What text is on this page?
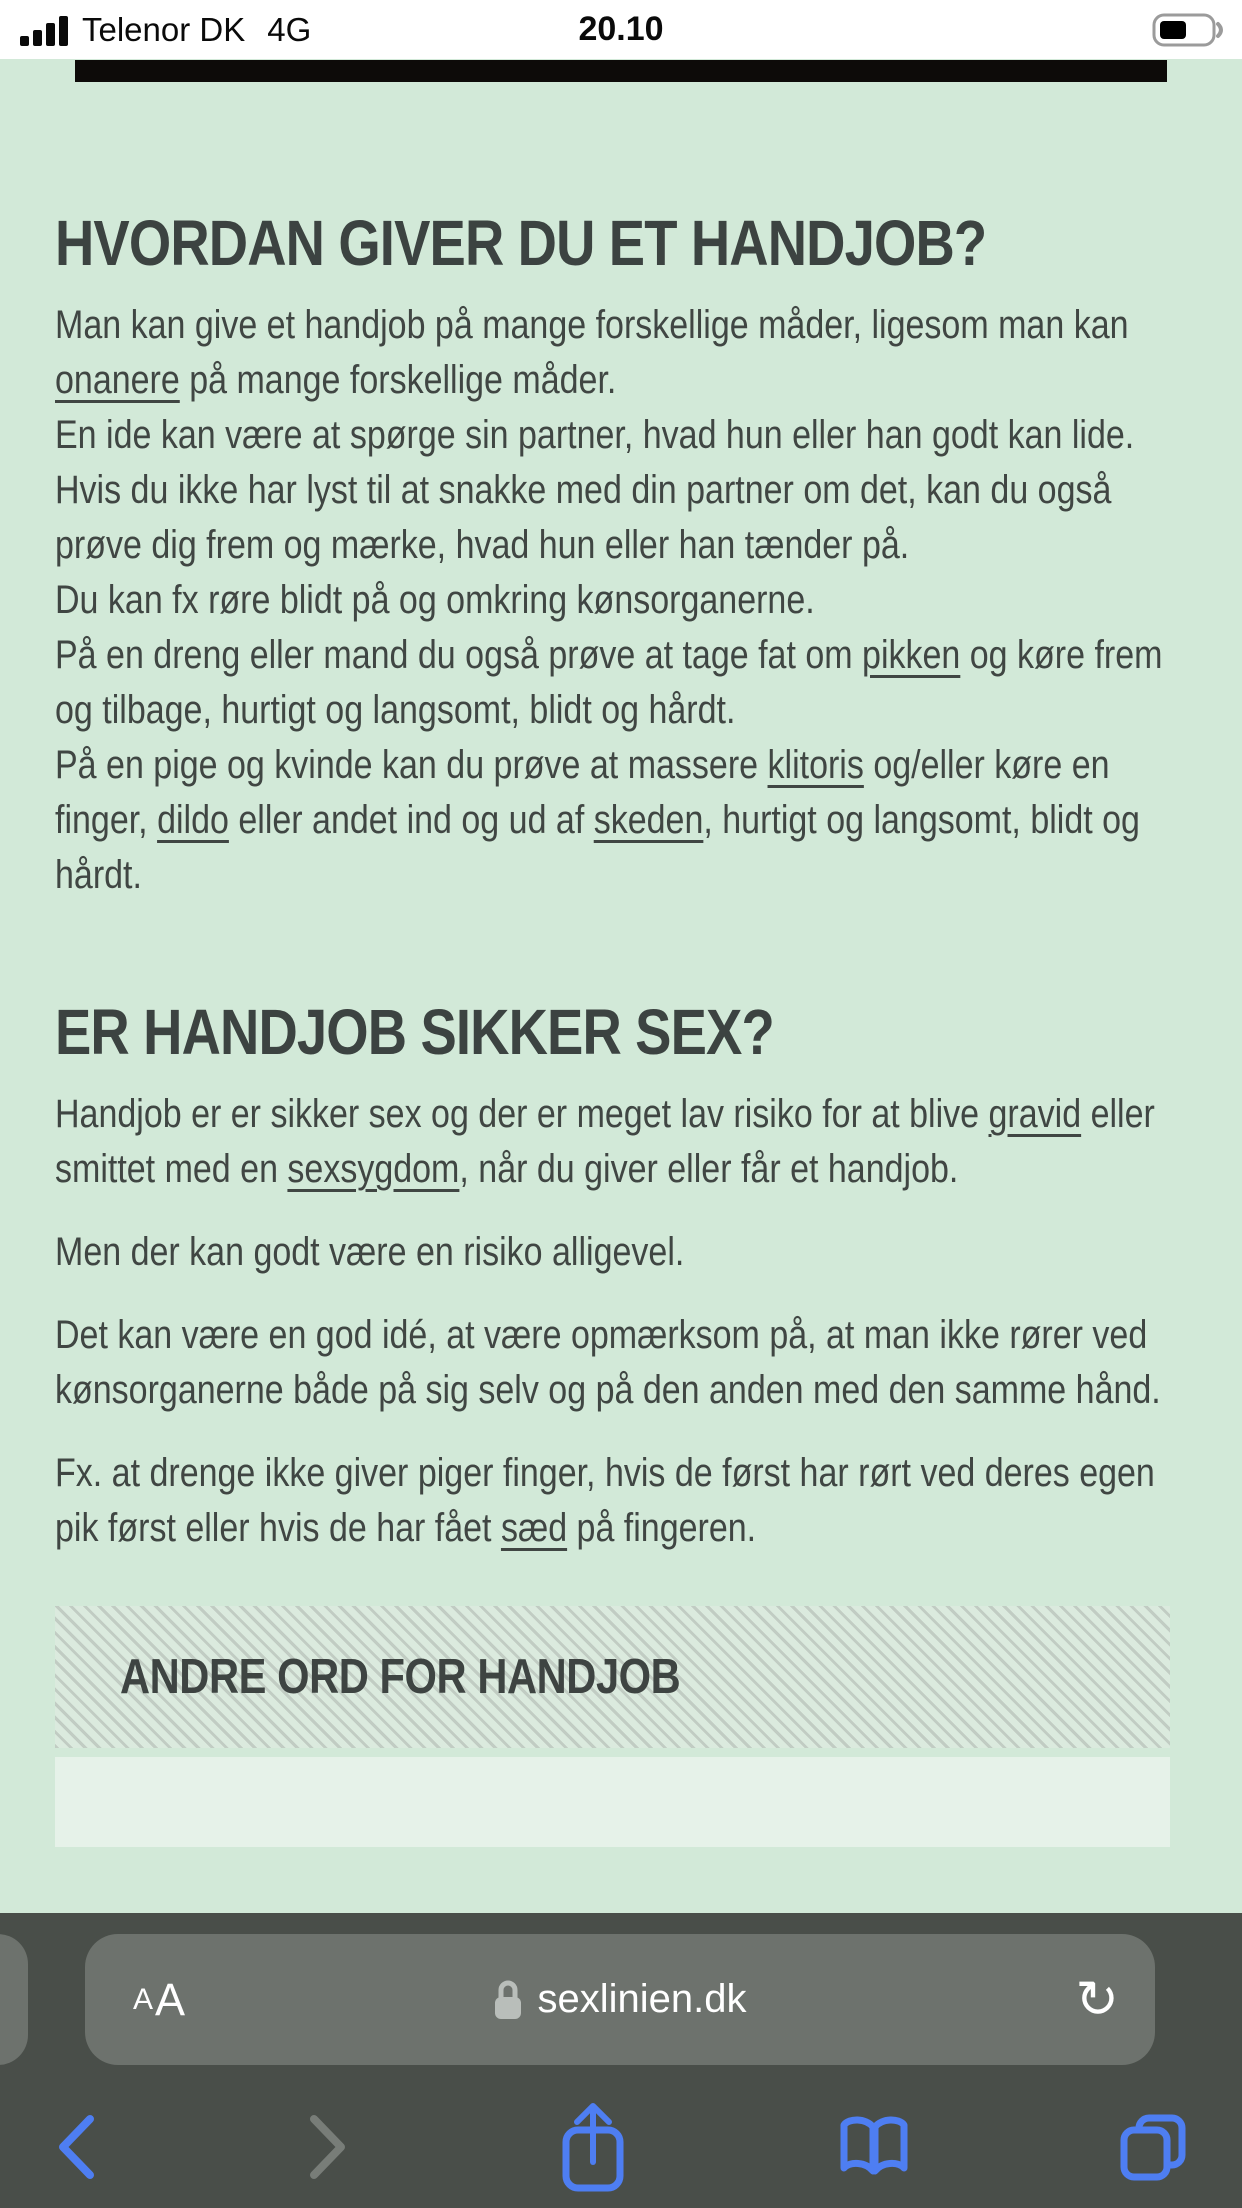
Telenor DK 4G	20.10
HVORDAN GIVER DU ET HANDJOB?

Man kan give et handjob på mange forskellige måder, ligesom man kan onanere på mange forskellige måder.

En ide kan være at spørge sin partner, hvad hun eller han godt kan lide.

Hvis du ikke har lyst til at snakke med din partner om det, kan du også prøve dig frem og mærke, hvad hun eller han tænder på.

Du kan fx røre blidt på og omkring kønsorganerne.

På en dreng eller mand du også prøve at tage fat om pikken og køre frem og tilbage, hurtigt og langsomt, blidt og hårdt.

På en pige og kvinde kan du prøve at massere klitoris og/eller køre en finger, dildo eller andet ind og ud af skeden, hurtigt og langsomt, blidt og hårdt.

ER HANDJOB SIKKER SEX?

Handjob er er sikker sex og der er meget lav risiko for at blive gravid eller smittet med en sexsygdom, når du giver eller får et handjob.

Men der kan godt være en risiko alligevel.

Det kan være en god idé, at være opmærksom på, at man ikke rører ved kønsorganerne både på sig selv og på den anden med den samme hånd.

Fx. at drenge ikke giver piger finger, hvis de først har rørt ved deres egen pik først eller hvis de har fået sæd på fingeren.

ANDRE ORD FOR HANDJOB
A A	sexlinien.dk	↻
